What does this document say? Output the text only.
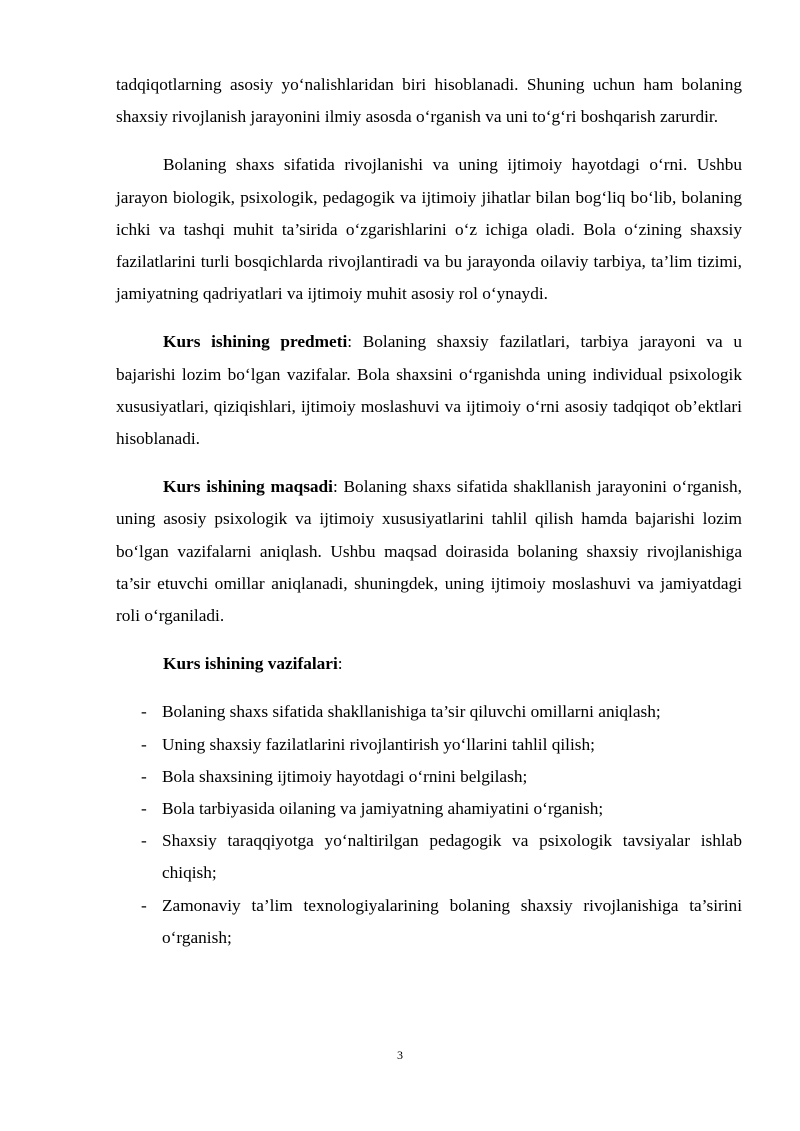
tadqiqotlarning asosiy yo‘nalishlaridan biri hisoblanadi. Shuning uchun ham bolaning shaxsiy rivojlanish jarayonini ilmiy asosda o‘rganish va uni to‘g‘ri boshqarish zarurdir.

Bolaning shaxs sifatida rivojlanishi va uning ijtimoiy hayotdagi o‘rni. Ushbu jarayon biologik, psixologik, pedagogik va ijtimoiy jihatlar bilan bog‘liq bo‘lib, bolaning ichki va tashqi muhit ta’sirida o‘zgarishlarini o‘z ichiga oladi. Bola o‘zining shaxsiy fazilatlarini turli bosqichlarda rivojlantiradi va bu jarayonda oilaviy tarbiya, ta’lim tizimi, jamiyatning qadriyatlari va ijtimoiy muhit asosiy rol o‘ynaydi.

Kurs ishining predmeti: Bolaning shaxsiy fazilatlari, tarbiya jarayoni va u bajarishi lozim bo‘lgan vazifalar. Bola shaxsini o‘rganishda uning individual psixologik xususiyatlari, qiziqishlari, ijtimoiy moslashuvi va ijtimoiy o‘rni asosiy tadqiqot ob’ektlari hisoblanadi.

Kurs ishining maqsadi: Bolaning shaxs sifatida shakllanish jarayonini o‘rganish, uning asosiy psixologik va ijtimoiy xususiyatlarini tahlil qilish hamda bajarishi lozim bo‘lgan vazifalarni aniqlash. Ushbu maqsad doirasida bolaning shaxsiy rivojlanishiga ta’sir etuvchi omillar aniqlanadi, shuningdek, uning ijtimoiy moslashuvi va jamiyatdagi roli o‘rganiladi.

Kurs ishining vazifalari:

- Bolaning shaxs sifatida shakllanishiga ta’sir qiluvchi omillarni aniqlash;
- Uning shaxsiy fazilatlarini rivojlantirish yo‘llarini tahlil qilish;
- Bola shaxsining ijtimoiy hayotdagi o‘rnini belgilash;
- Bola tarbiyasida oilaning va jamiyatning ahamiyatini o‘rganish;
- Shaxsiy taraqqiyotga yo‘naltirilgan pedagogik va psixologik tavsiyalar ishlab chiqish;
- Zamonaviy ta’lim texnologiyalarining bolaning shaxsiy rivojlanishiga ta’sirini o‘rganish;
3
